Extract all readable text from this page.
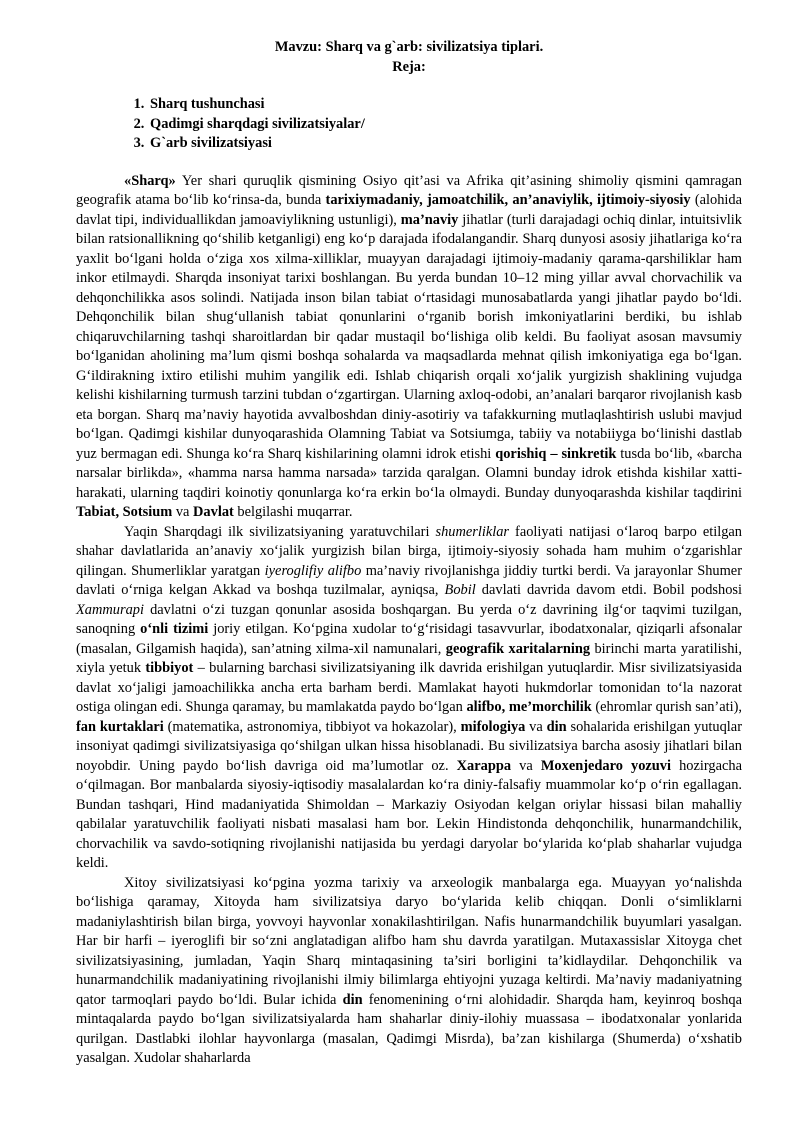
Mavzu: Sharq va g`arb: sivilizatsiya tiplari.

Reja:

1. Sharq tushunchasi
2. Qadimgi sharqdagi sivilizatsiyalar/
3. G`arb sivilizatsiyasi

«Sharq» Yer shari quruqlik qismining Osiyo qit’asi va Afrika qit’asining shimoliy qismini qamragan geografik atama bo‘lib ko‘rinsa-da, bunda tarixiymadaniy, jamoatchilik, an’anaviylik, ijtimoiy-siyosiy (alohida davlat tipi, individuallikdan jamoaviylikning ustunligi), ma’naviy jihatlar (turli darajadagi ochiq dinlar, intuitsivlik bilan ratsionallikning qo‘shilib ketganligi) eng ko‘p darajada ifodalangandir. Sharq dunyosi asosiy jihatlariga ko‘ra yaxlit bo‘lgani holda o‘ziga xos xilma-xilliklar, muayyan darajadagi ijtimoiy-madaniy qarama-qarshiliklar ham inkor etilmaydi. Sharqda insoniyat tarixi boshlangan. Bu yerda bundan 10–12 ming yillar avval chorvachilik va dehqonchilikka asos solindi. Natijada inson bilan tabiat o‘rtasidagi munosabatlarda yangi jihatlar paydo bo‘ldi. Dehqonchilik bilan shug‘ullanish tabiat qonunlarini o‘rganib borish imkoniyatlarini berdiki, bu ishlab chiqaruvchilarning tashqi sharoitlardan bir qadar mustaqil bo‘lishiga olib keldi. Bu faoliyat asosan mavsumiy bo‘lganidan aholining ma’lum qismi boshqa sohalarda va maqsadlarda mehnat qilish imkoniyatiga ega bo‘lgan. G‘ildirakning ixtiro etilishi muhim yangilik edi. Ishlab chiqarish orqali xo‘jalik yurgizish shaklining vujudga kelishi kishilarning turmush tarzini tubdan o‘zgartirgan. Ularning axloq-odobi, an’analari barqaror rivojlanish kasb eta borgan. Sharq ma’naviy hayotida avvalboshdan diniy-asotiriy va tafakkurning mutlaqlashtirish uslubi mavjud bo‘lgan. Qadimgi kishilar dunyoqarashida Olamning Tabiat va Sotsiumga, tabiiy va notabiiyga bo‘linishi dastlab yuz bermagan edi. Shunga ko‘ra Sharq kishilarining olamni idrok etishi qorishiq – sinkretik tusda bo‘lib, «barcha narsalar birlikda», «hamma narsa hamma narsada» tarzida qaralgan. Olamni bunday idrok etishda kishilar xatti-harakati, ularning taqdiri koinotiy qonunlarga ko‘ra erkin bo‘la olmaydi. Bunday dunyoqarashda kishilar taqdirini Tabiat, Sotsium va Davlat belgilashi muqarrar.

Yaqin Sharqdagi ilk sivilizatsiyaning yaratuvchilari shumerliklar faoliyati natijasi o‘laroq barpo etilgan shahar davlatlarida an’anaviy xo‘jalik yurgizish bilan birga, ijtimoiy-siyosiy sohada ham muhim o‘zgarishlar qilingan. Shumerliklar yaratgan iyeroglifiy alifbo ma’naviy rivojlanishga jiddiy turtki berdi. Va jarayonlar Shumer davlati o‘rniga kelgan Akkad va boshqa tuzilmalar, ayniqsa, Bobil davlati davrida davom etdi. Bobil podshosi Xammurapi davlatni o‘zi tuzgan qonunlar asosida boshqargan. Bu yerda o‘z davrining ilg‘or taqvimi tuzilgan, sanoqning o‘nli tizimi joriy etilgan. Ko‘pgina xudolar to‘g‘risidagi tasavvurlar, ibodatxonalar, qiziqarli afsonalar (masalan, Gilgamish haqida), san’atning xilma-xil namunalari, geografik xaritalarning birinchi marta yaratilishi, xiyla yetuk tibbiyot – bularning barchasi sivilizatsiyaning ilk davrida erishilgan yutuqlardir. Misr sivilizatsiyasida davlat xo‘jaligi jamoachilikka ancha erta barham berdi. Mamlakat hayoti hukmdorlar tomonidan to‘la nazorat ostiga olingan edi. Shunga qaramay, bu mamlakatda paydo bo‘lgan alifbo, me’morchilik (ehromlar qurish san’ati), fan kurtaklari (matematika, astronomiya, tibbiyot va hokazolar), mifologiya va din sohalarida erishilgan yutuqlar insoniyat qadimgi sivilizatsiyasiga qo‘shilgan ulkan hissa hisoblanadi. Bu sivilizatsiya barcha asosiy jihatlari bilan noyobdir. Uning paydo bo‘lish davriga oid ma’lumotlar oz. Xarappa va Moxenjedaro yozuvi hozirgacha o‘qilmagan. Bor manbalarda siyosiy-iqtisodiy masalalardan ko‘ra diniy-falsafiy muammolar ko‘p o‘rin egallagan. Bundan tashqari, Hind madaniyatida Shimoldan – Markaziy Osiyodan kelgan oriylar hissasi bilan mahalliy qabilalar yaratuvchilik faoliyati nisbati masalasi ham bor. Lekin Hindistonda dehqonchilik, hunarmandchilik, chorvachilik va savdo-sotiqning rivojlanishi natijasida bu yerdagi daryolar bo‘ylarida ko‘plab shaharlar vujudga keldi.

Xitoy sivilizatsiyasi ko‘pgina yozma tarixiy va arxeologik manbalarga ega. Muayyan yo‘nalishda bo‘lishiga qaramay, Xitoyda ham sivilizatsiya daryo bo‘ylarida kelib chiqqan. Donli o‘simliklarni madaniylashtirish bilan birga, yovvoyi hayvonlar xonakilashtirilgan. Nafis hunarmandchilik buyumlari yasalgan. Har bir harfi – iyeroglifi bir so‘zni anglatadigan alifbo ham shu davrda yaratilgan. Mutaxassislar Xitoyga chet sivilizatsiyasining, jumladan, Yaqin Sharq mintaqasining ta’siri borligini ta’kidlaydilar. Dehqonchilik va hunarmandchilik madaniyatining rivojlanishi ilmiy bilimlarga ehtiyojni yuzaga keltirdi. Ma’naviy madaniyatning qator tarmoqlari paydo bo‘ldi. Bular ichida din fenomenining o‘rni alohidadir. Sharqda ham, keyinroq boshqa mintaqalarda paydo bo‘lgan sivilizatsiyalarda ham shaharlar diniy-ilohiy muassasa – ibodatxonalar yonlarida qurilgan. Dastlabki ilohlar hayvonlarga (masalan, Qadimgi Misrda), ba’zan kishilarga (Shumerda) o‘xshatib yasalgan. Xudolar shaharlarda
